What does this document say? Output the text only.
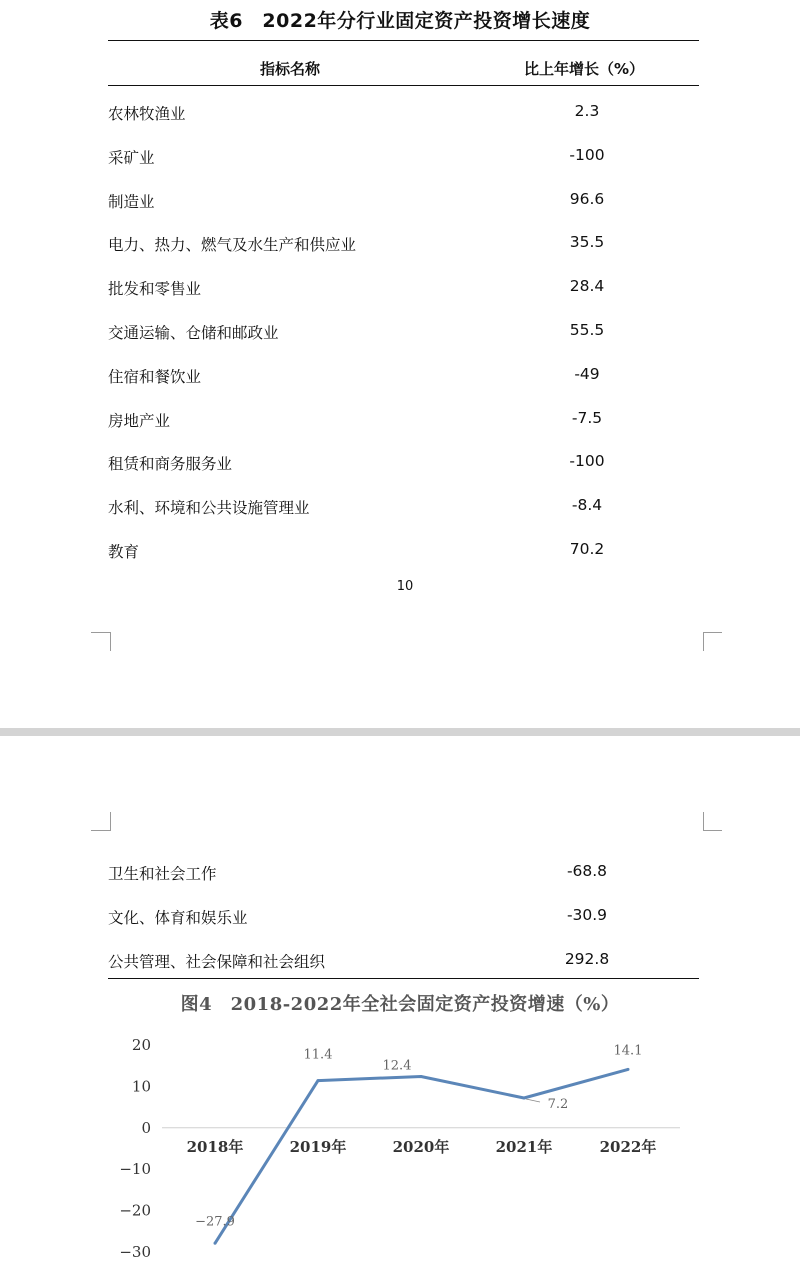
表6　2022年分行业固定资产投资增长速度
指标名称	比上年增长（%）
农林牧渔业	2.3
采矿业	-100
制造业	96.6
电力、热力、燃气及水生产和供应业	35.5
批发和零售业	28.4
交通运输、仓储和邮政业	55.5
住宿和餐饮业	-49
房地产业	-7.5
租赁和商务服务业	-100
水利、环境和公共设施管理业	-8.4
教育	70.2
10
卫生和社会工作	-68.8
文化、体育和娱乐业	-30.9
公共管理、社会保障和社会组织	292.8
图4　2018-2022年全社会固定资产投资增速（%）
20
10
0
−10
−20
−30
2018年	2019年	2020年	2021年	2022年
−27.9
11.4
12.4
7.2
14.1
